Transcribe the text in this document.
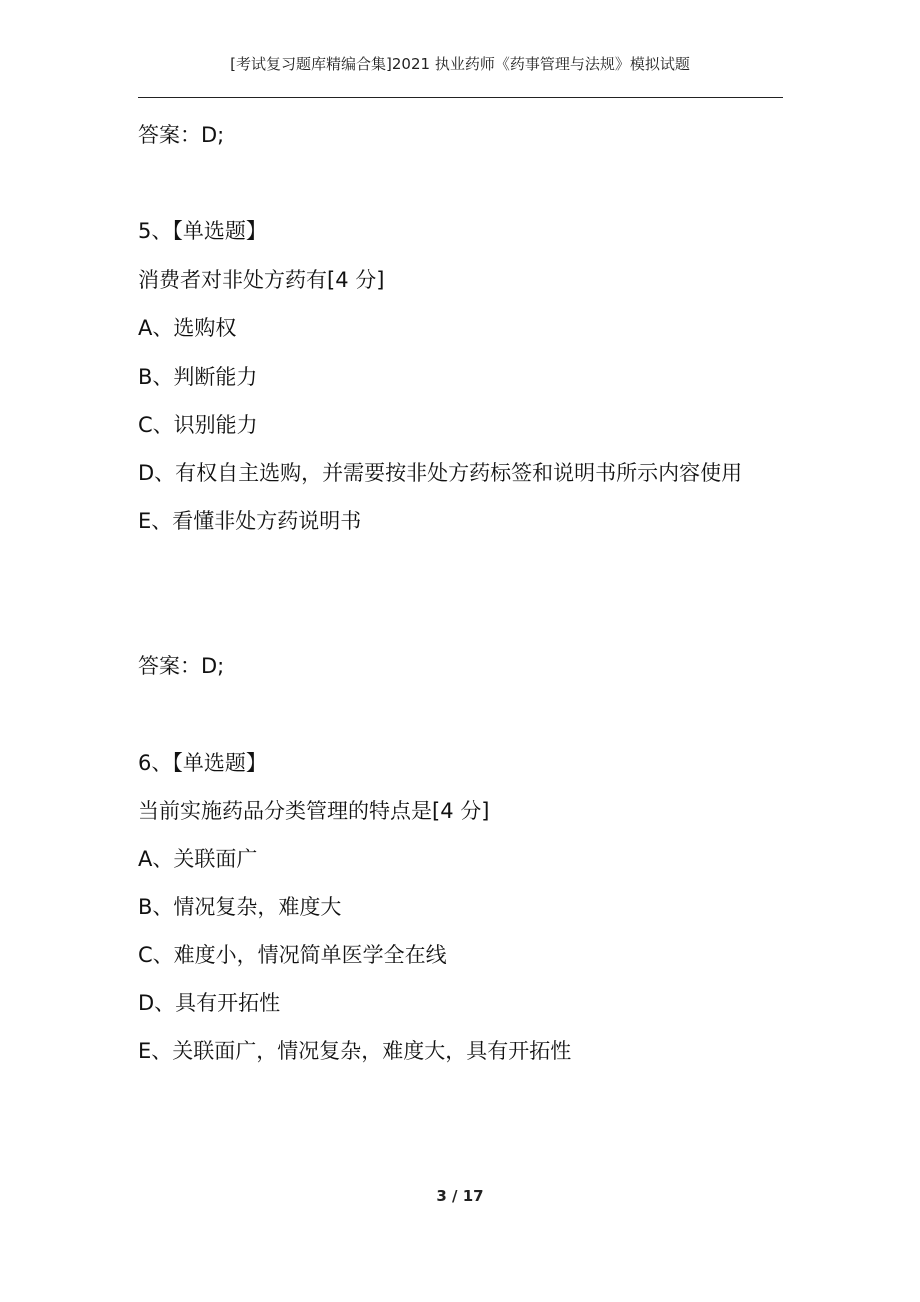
[考试复习题库精编合集]2021 执业药师《药事管理与法规》模拟试题
答案：D;
5、【单选题】
消费者对非处方药有[4 分]
A、选购权
B、判断能力
C、识别能力
D、有权自主选购，并需要按非处方药标签和说明书所示内容使用
E、看懂非处方药说明书
答案：D;
6、【单选题】
当前实施药品分类管理的特点是[4 分]
A、关联面广
B、情况复杂，难度大
C、难度小，情况简单医学全在线
D、具有开拓性
E、关联面广，情况复杂，难度大，具有开拓性
3 / 17
